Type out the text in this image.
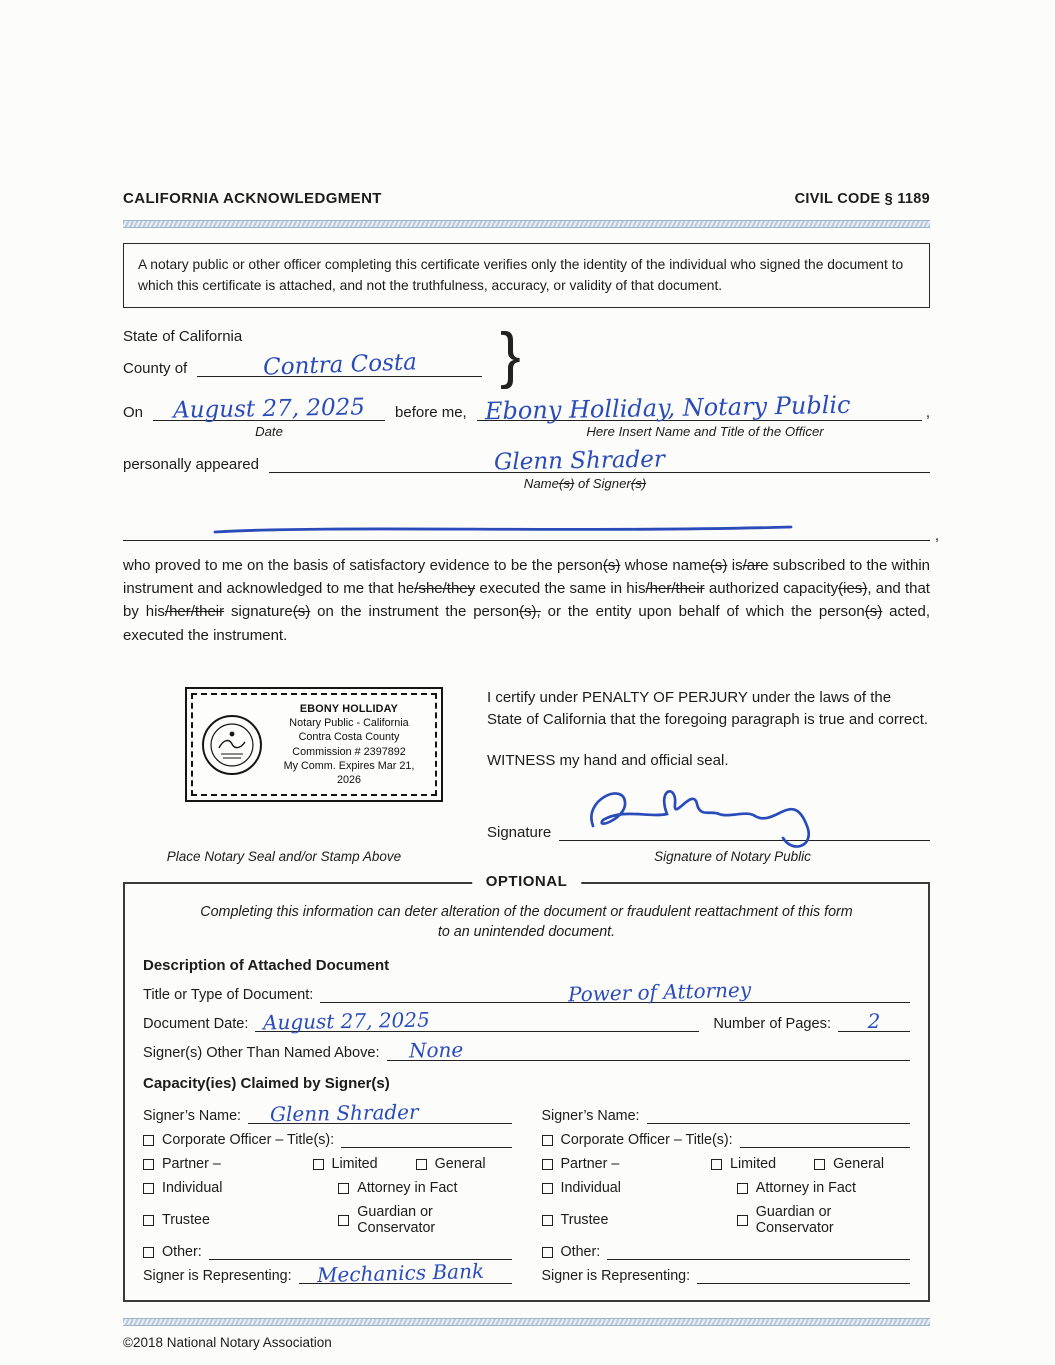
CALIFORNIA ACKNOWLEDGMENT	CIVIL CODE § 1189
A notary public or other officer completing this certificate verifies only the identity of the individual who signed the document to which this certificate is attached, and not the truthfulness, accuracy, or validity of that document.
State of California
County of	Contra Costa }
On August 27, 2025 before me, Ebony Holliday, Notary Public	,
Date	Here Insert Name and Title of the Officer
personally appeared	Glenn Shrader
Name(s) of Signer(s)
,

who proved to me on the basis of satisfactory evidence to be the person(s) whose name(s) is/are subscribed to the within instrument and acknowledged to me that he/she/they executed the same in his/her/their authorized capacity(ies), and that by his/her/their signature(s) on the instrument the person(s), or the entity upon behalf of which the person(s) acted, executed the instrument.

EBONY HOLLIDAY
Notary Public - California
Contra Costa County
Commission # 2397892
My Comm. Expires Mar 21, 2026

I certify under PENALTY OF PERJURY under the laws of the State of California that the foregoing paragraph is true and correct.

WITNESS my hand and official seal.

Signature
Place Notary Seal and/or Stamp Above	Signature of Notary Public
OPTIONAL

Completing this information can deter alteration of the document or fraudulent reattachment of this form to an unintended document.

Description of Attached Document
Title or Type of Document:	Power of Attorney
Document Date: August 27, 2025	Number of Pages: 2
Signer(s) Other Than Named Above: None
Capacity(ies) Claimed by Signer(s)
Signer’s Name: Glenn Shrader
Corporate Officer – Title(s):
Partner –	Limited	General
Individual	Attorney in Fact
Trustee	Guardian or Conservator
Other:
Signer is Representing: Mechanics Bank
Signer’s Name:
Corporate Officer – Title(s):
Partner –	Limited	General
Individual	Attorney in Fact
Trustee	Guardian or Conservator
Other:
Signer is Representing:
©2018 National Notary Association
